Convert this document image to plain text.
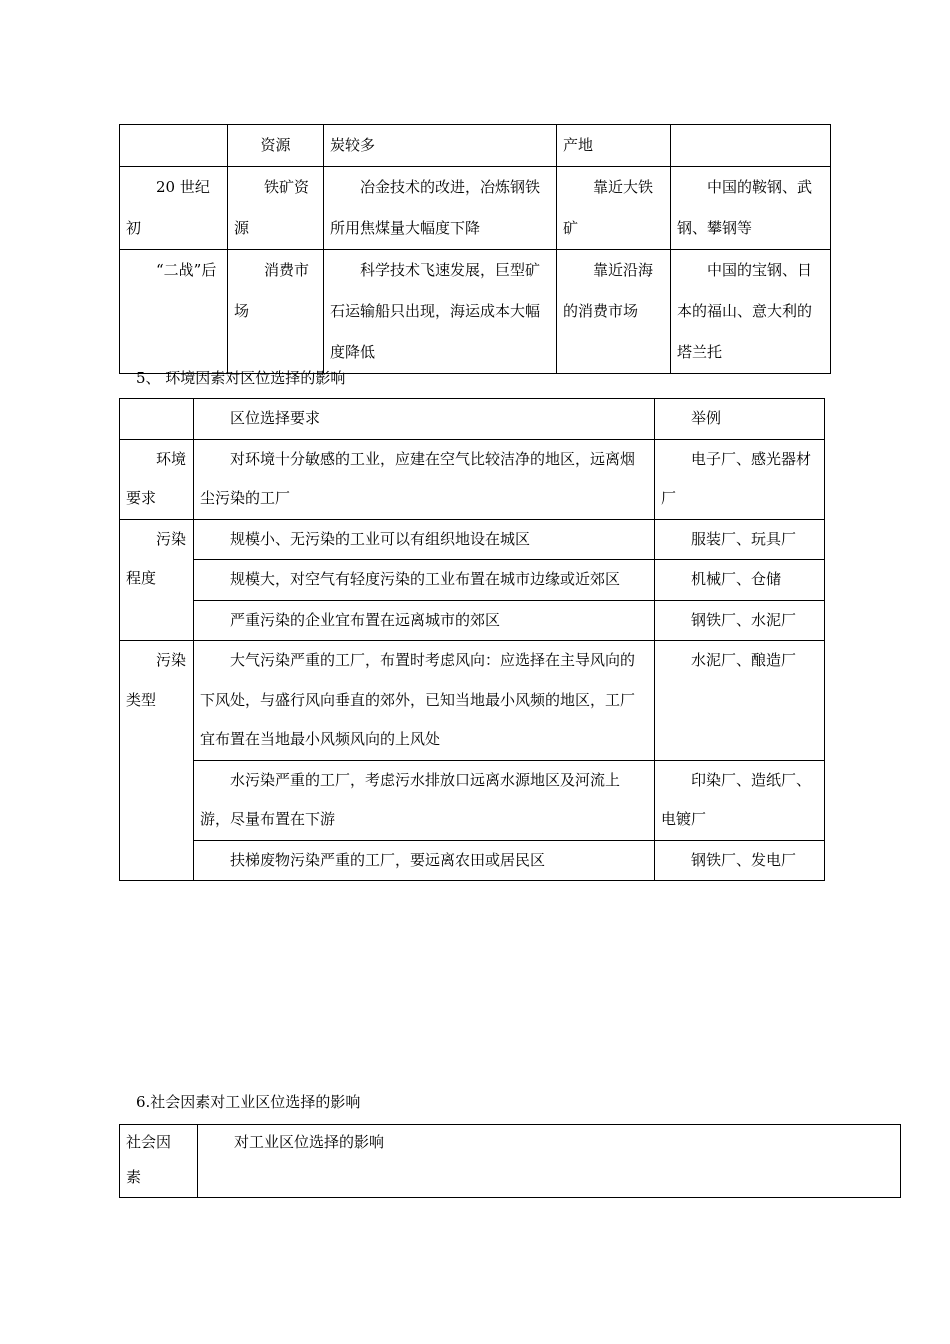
	资源	炭较多	产地	
20 世纪初	铁矿资源	冶金技术的改进，冶炼钢铁所用焦煤量大幅度下降	靠近大铁矿	中国的鞍钢、武钢、攀钢等
“二战”后	消费市场	科学技术飞速发展，巨型矿石运输船只出现，海运成本大幅度降低	靠近沿海的消费市场	中国的宝钢、日本的福山、意大利的塔兰托
5、 环境因素对区位选择的影响
	区位选择要求	举例
环境要求	对环境十分敏感的工业，应建在空气比较洁净的地区，远离烟尘污染的工厂	电子厂、感光器材厂
污染程度	规模小、无污染的工业可以有组织地设在城区	服装厂、玩具厂
	规模大，对空气有轻度污染的工业布置在城市边缘或近郊区	机械厂、仓储
	严重污染的企业宜布置在远离城市的郊区	钢铁厂、水泥厂
污染类型	大气污染严重的工厂，布置时考虑风向：应选择在主导风向的下风处，与盛行风向垂直的郊外，已知当地最小风频的地区，工厂宜布置在当地最小风频风向的上风处	水泥厂、酿造厂
	水污染严重的工厂，考虑污水排放口远离水源地区及河流上游，尽量布置在下游	印染厂、造纸厂、电镀厂
	扶梯废物污染严重的工厂，要远离农田或居民区	钢铁厂、发电厂
6.社会因素对工业区位选择的影响
社会因素	对工业区位选择的影响
